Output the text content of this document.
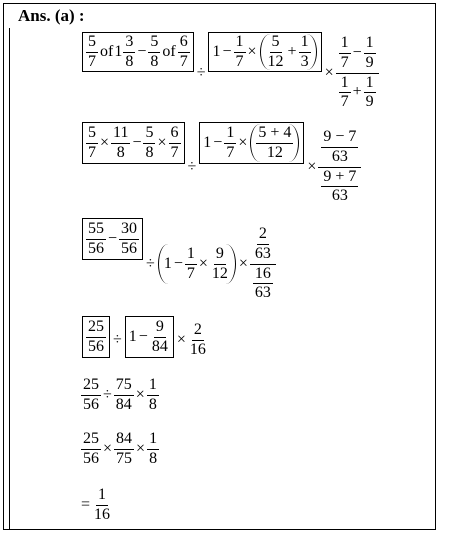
Ans. (a) :
$\frac{5}{7}$ of $1 \frac{3}{8} - \frac{5}{8}$ of $\frac{6}{7}$
÷
$1 - \frac{1}{7} \times \frac{5}{12} + \frac{1}{3}$
× $\frac{\frac{1}{7} - \frac{1}{9}}{\frac{1}{7} + \frac{1}{9}}$
$\frac{5}{7} \times \frac{11}{8} - \frac{5}{8} \times \frac{6}{7}$
÷
$1 - \frac{1}{7} \times \frac{5 + 4}{12}$
× $\frac{\frac{9 - 7}{63}}{\frac{9 + 7}{63}}$
$\frac{55}{56} - \frac{30}{56}$
÷ $1 - \frac{1}{7} \times \frac{9}{12} \times \frac{\frac{2}{63}}{\frac{16}{63}}$
$\frac{25}{56} \div 1 - \frac{9}{84} \times \frac{2}{16}$
$\frac{25}{56} \div \frac{75}{84} \times \frac{1}{8}$
$\frac{25}{56} \times \frac{84}{75} \times \frac{1}{8}$
= $\frac{1}{16}$
